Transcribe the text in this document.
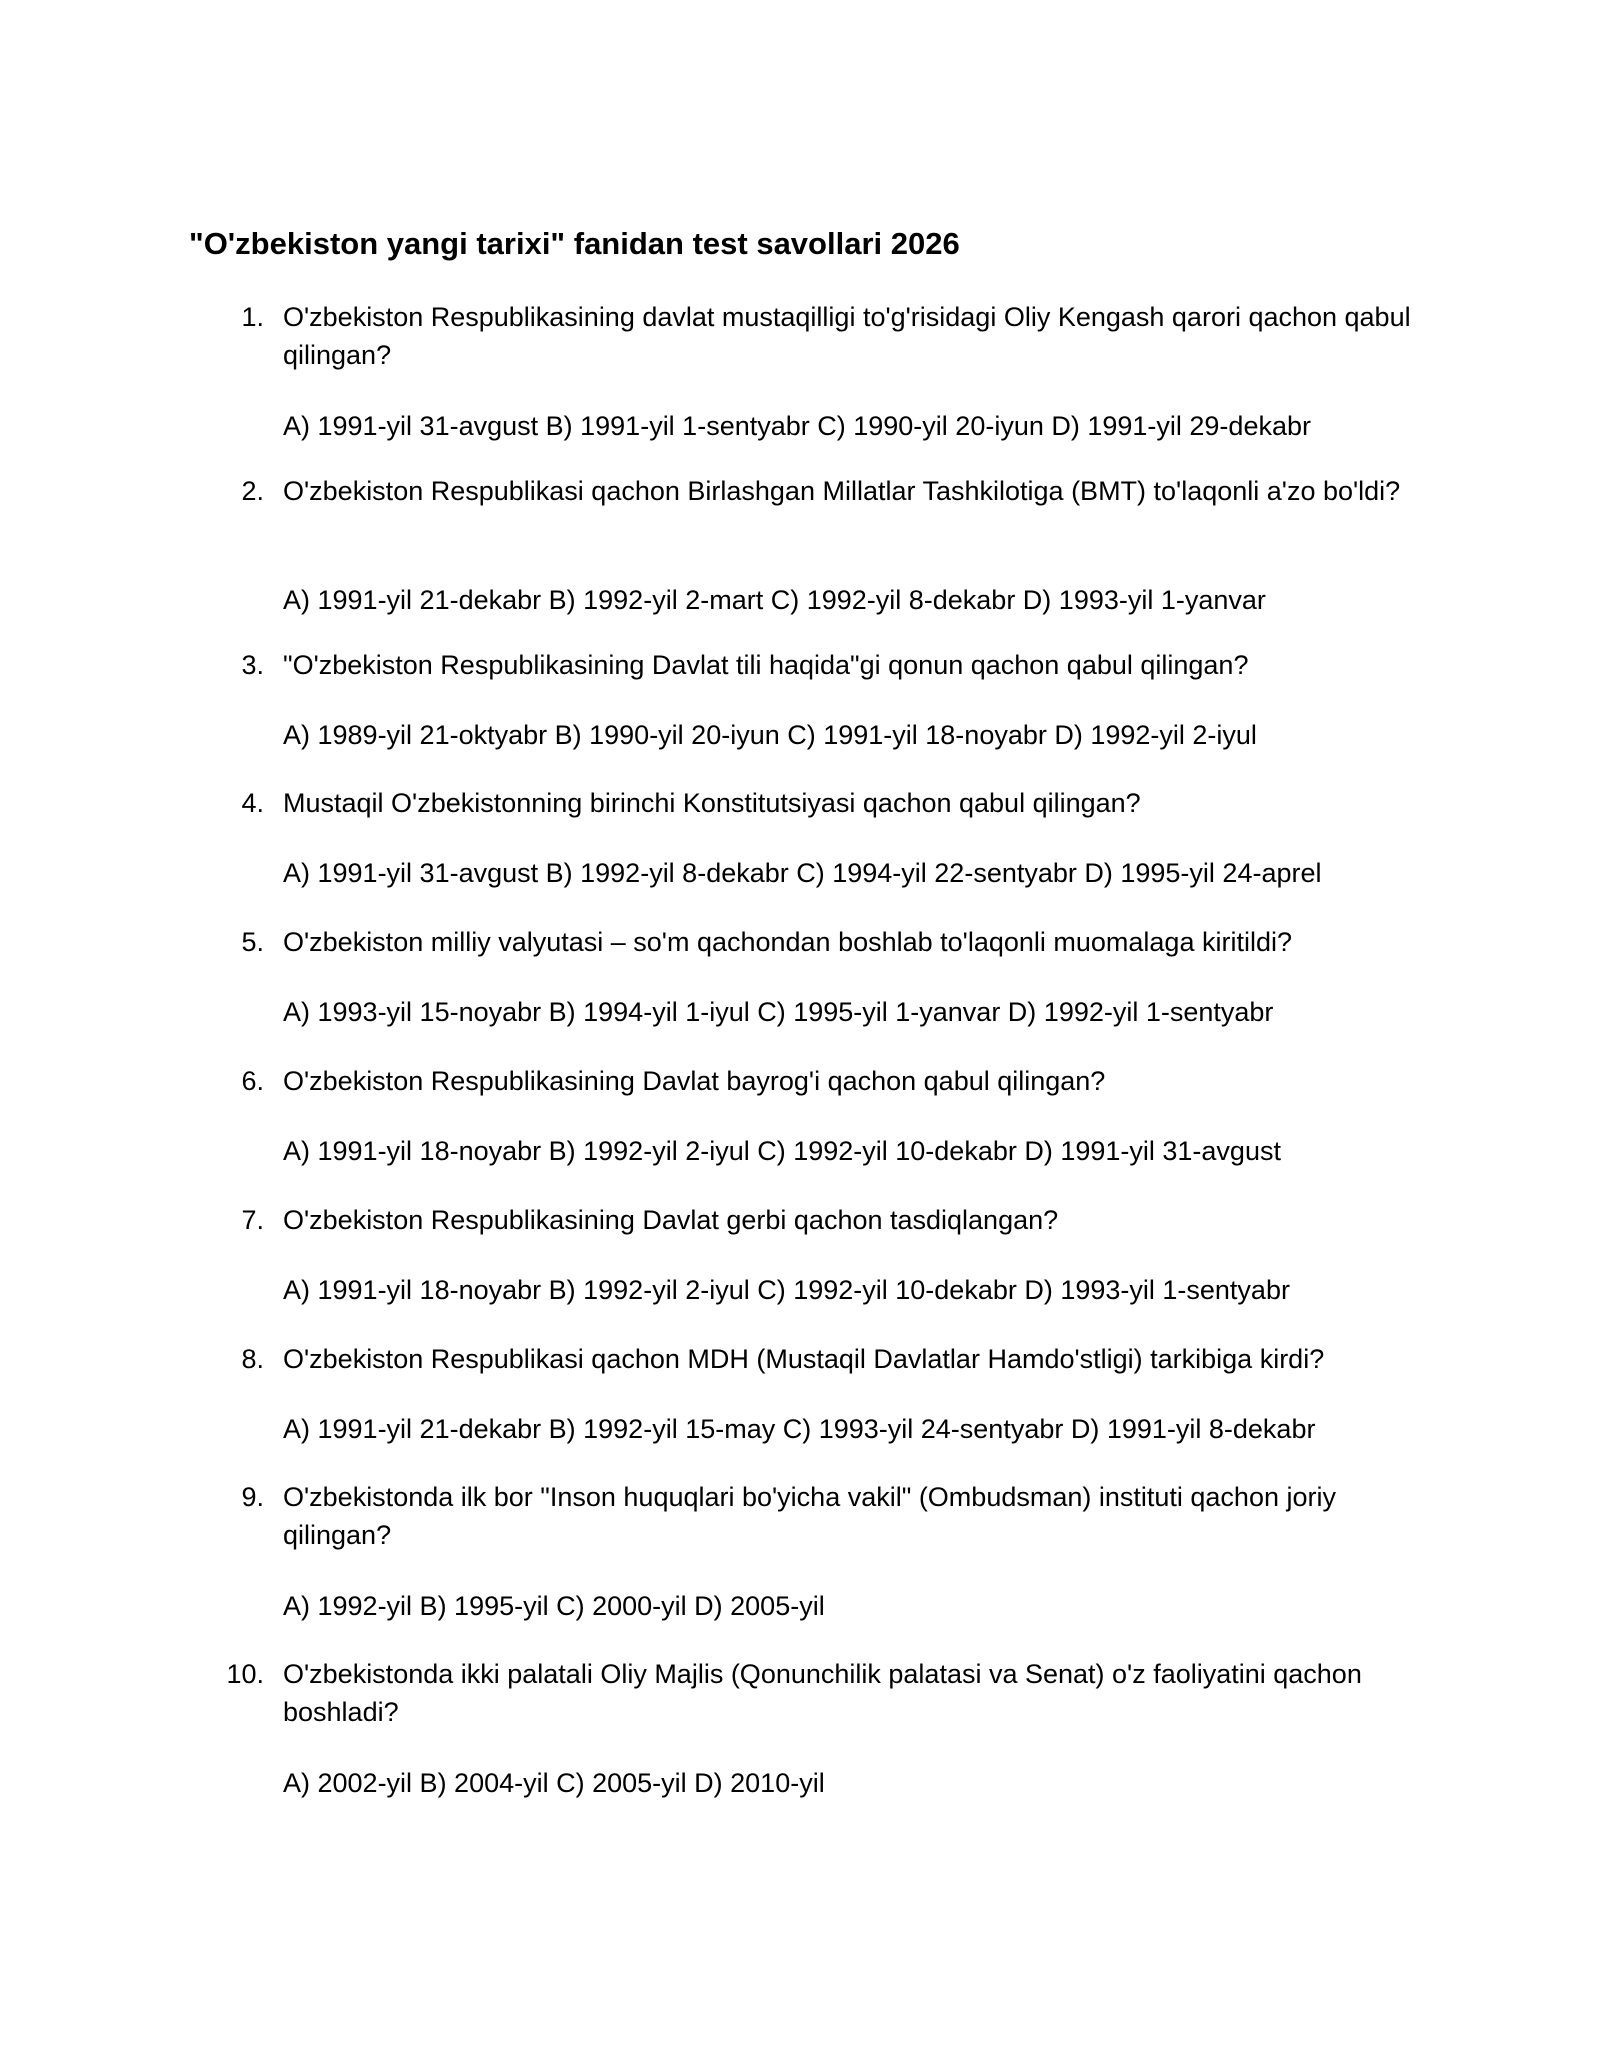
"O'zbekiston yangi tarixi" fanidan test savollari 2026
1. O'zbekiston Respublikasining davlat mustaqilligi to'g'risidagi Oliy Kengash qarori qachon qabul qilingan?
A) 1991-yil 31-avgust B) 1991-yil 1-sentyabr C) 1990-yil 20-iyun D) 1991-yil 29-dekabr
2. O'zbekiston Respublikasi qachon Birlashgan Millatlar Tashkilotiga (BMT) to'laqonli a'zo bo'ldi?
A) 1991-yil 21-dekabr B) 1992-yil 2-mart C) 1992-yil 8-dekabr D) 1993-yil 1-yanvar
3. "O'zbekiston Respublikasining Davlat tili haqida"gi qonun qachon qabul qilingan?
A) 1989-yil 21-oktyabr B) 1990-yil 20-iyun C) 1991-yil 18-noyabr D) 1992-yil 2-iyul
4. Mustaqil O'zbekistonning birinchi Konstitutsiyasi qachon qabul qilingan?
A) 1991-yil 31-avgust B) 1992-yil 8-dekabr C) 1994-yil 22-sentyabr D) 1995-yil 24-aprel
5. O'zbekiston milliy valyutasi – so'm qachondan boshlab to'laqonli muomalaga kiritildi?
A) 1993-yil 15-noyabr B) 1994-yil 1-iyul C) 1995-yil 1-yanvar D) 1992-yil 1-sentyabr
6. O'zbekiston Respublikasining Davlat bayrog'i qachon qabul qilingan?
A) 1991-yil 18-noyabr B) 1992-yil 2-iyul C) 1992-yil 10-dekabr D) 1991-yil 31-avgust
7. O'zbekiston Respublikasining Davlat gerbi qachon tasdiqlangan?
A) 1991-yil 18-noyabr B) 1992-yil 2-iyul C) 1992-yil 10-dekabr D) 1993-yil 1-sentyabr
8. O'zbekiston Respublikasi qachon MDH (Mustaqil Davlatlar Hamdo'stligi) tarkibiga kirdi?
A) 1991-yil 21-dekabr B) 1992-yil 15-may C) 1993-yil 24-sentyabr D) 1991-yil 8-dekabr
9. O'zbekistonda ilk bor "Inson huquqlari bo'yicha vakil" (Ombudsman) instituti qachon joriy qilingan?
A) 1992-yil B) 1995-yil C) 2000-yil D) 2005-yil
10. O'zbekistonda ikki palatali Oliy Majlis (Qonunchilik palatasi va Senat) o'z faoliyatini qachon boshladi?
A) 2002-yil B) 2004-yil C) 2005-yil D) 2010-yil
